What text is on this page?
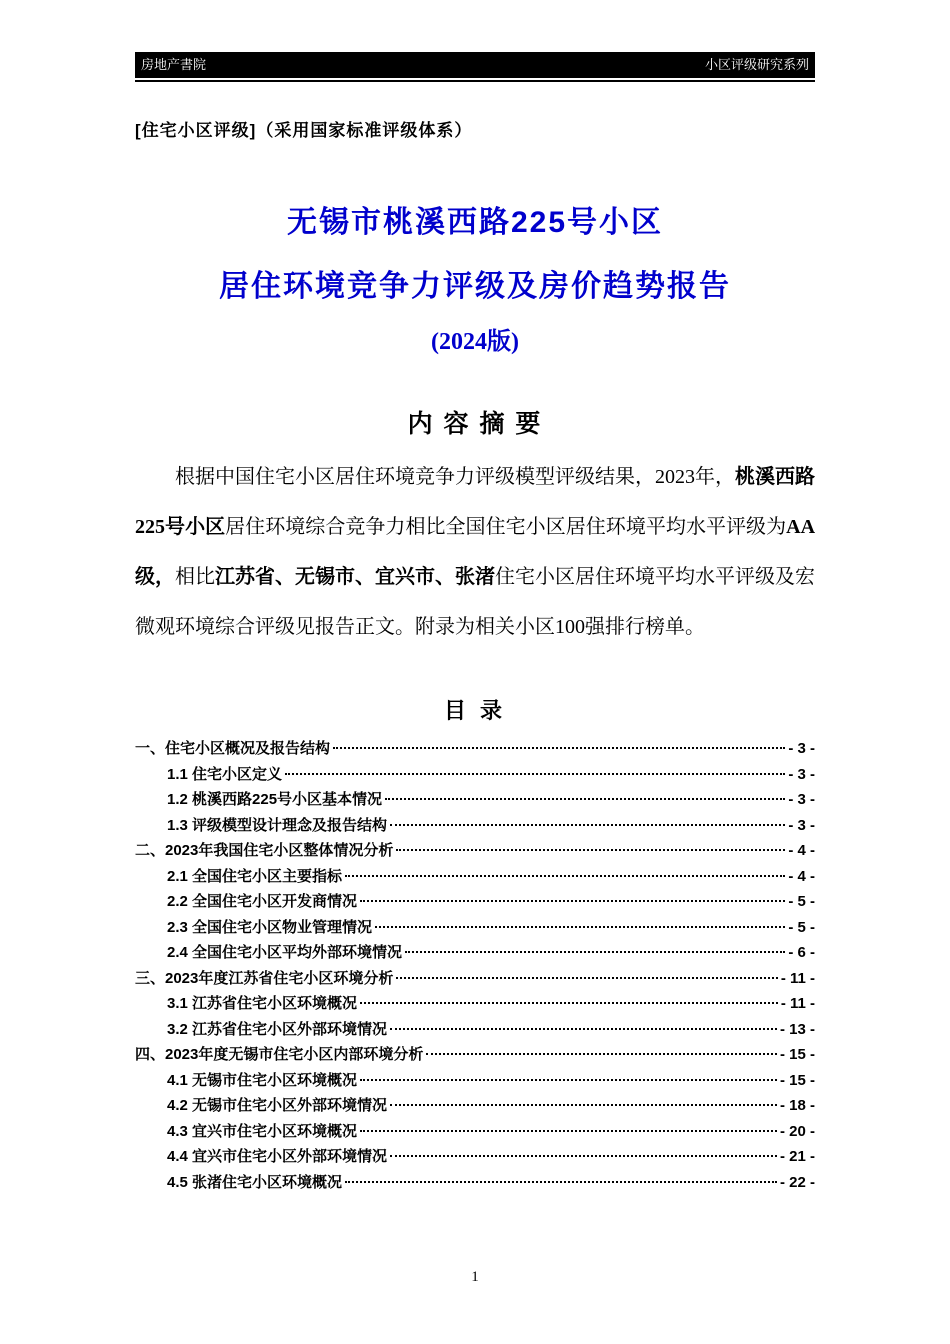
房地产書院	小区评级研究系列
[住宅小区评级]（采用国家标准评级体系）
无锡市桃溪西路225号小区
居住环境竞争力评级及房价趋势报告
(2024版)
内 容 摘 要

根据中国住宅小区居住环境竞争力评级模型评级结果，2023年，桃溪西路225号小区居住环境综合竞争力相比全国住宅小区居住环境平均水平评级为AA级，相比江苏省、无锡市、宜兴市、张渚住宅小区居住环境平均水平评级及宏微观环境综合评级见报告正文。附录为相关小区100强排行榜单。

目 录
一、住宅小区概况及报告结构	- 3 -
1.1 住宅小区定义	- 3 -
1.2 桃溪西路225号小区基本情况	- 3 -
1.3 评级模型设计理念及报告结构	- 3 -
二、2023年我国住宅小区整体情况分析	- 4 -
2.1 全国住宅小区主要指标	- 4 -
2.2 全国住宅小区开发商情况	- 5 -
2.3 全国住宅小区物业管理情况	- 5 -
2.4 全国住宅小区平均外部环境情况	- 6 -
三、2023年度江苏省住宅小区环境分析	- 11 -
3.1 江苏省住宅小区环境概况	- 11 -
3.2 江苏省住宅小区外部环境情况	- 13 -
四、2023年度无锡市住宅小区内部环境分析	- 15 -
4.1 无锡市住宅小区环境概况	- 15 -
4.2 无锡市住宅小区外部环境情况	- 18 -
4.3 宜兴市住宅小区环境概况	- 20 -
4.4 宜兴市住宅小区外部环境情况	- 21 -
4.5 张渚住宅小区环境概况	- 22 -
1
